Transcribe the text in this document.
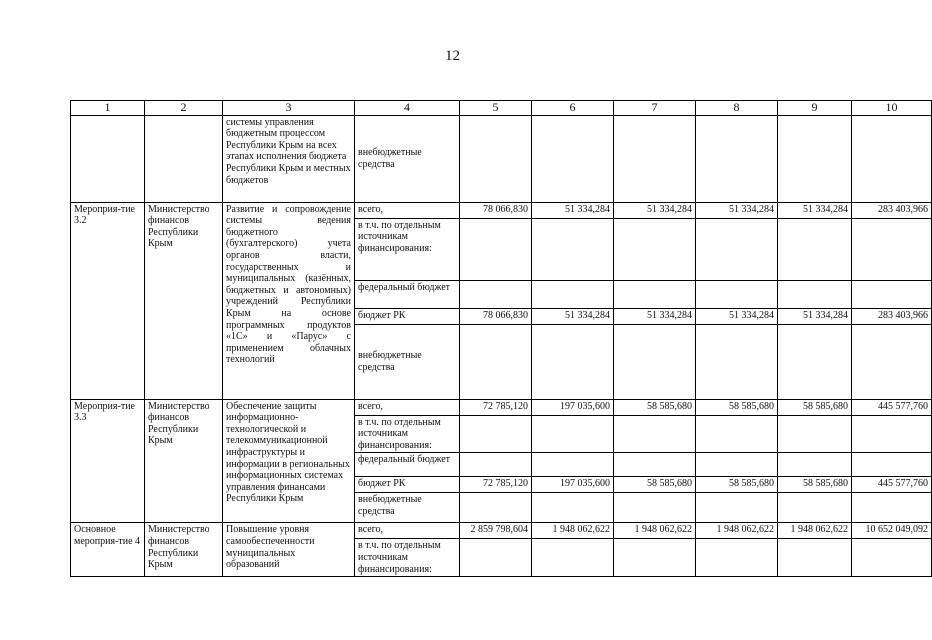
12
1	2	3	4	5	6	7	8	9	10
		системы управления бюджетным процессом Республики Крым на всех этапах исполнения бюджета Республики Крым и местных бюджетов	внебюджетные средства						
Мероприя-тие 3.2	Министерство финансов Республики Крым	Развитие и сопровождение системы ведения бюджетного (бухгалтерского) учета органов власти, государственных и муниципальных (казённых, бюджетных и автономных) учреждений Республики Крым на основе программных продуктов «1С» и «Парус» с применением облачных технологий	всего,	78 066,830	51 334,284	51 334,284	51 334,284	51 334,284	283 403,966
			в т.ч. по отдельным источникам финансирования:						
			федеральный бюджет						
			бюджет РК	78 066,830	51 334,284	51 334,284	51 334,284	51 334,284	283 403,966
			внебюджетные средства						
Мероприя-тие 3.3	Министерство финансов Республики Крым	Обеспечение защиты информационно-технологической и телекоммуникационной инфраструктуры и информации в региональных информационных системах управления финансами Республики Крым	всего,	72 785,120	197 035,600	58 585,680	58 585,680	58 585,680	445 577,760
			в т.ч. по отдельным источникам финансирования:						
			федеральный бюджет						
			бюджет РК	72 785,120	197 035,600	58 585,680	58 585,680	58 585,680	445 577,760
			внебюджетные средства						
Основное мероприя-тие 4	Министерство финансов Республики Крым	Повышение уровня самообеспеченности муниципальных образований	всего,	2 859 798,604	1 948 062,622	1 948 062,622	1 948 062,622	1 948 062,622	10 652 049,092
			в т.ч. по отдельным источникам финансирования:						
